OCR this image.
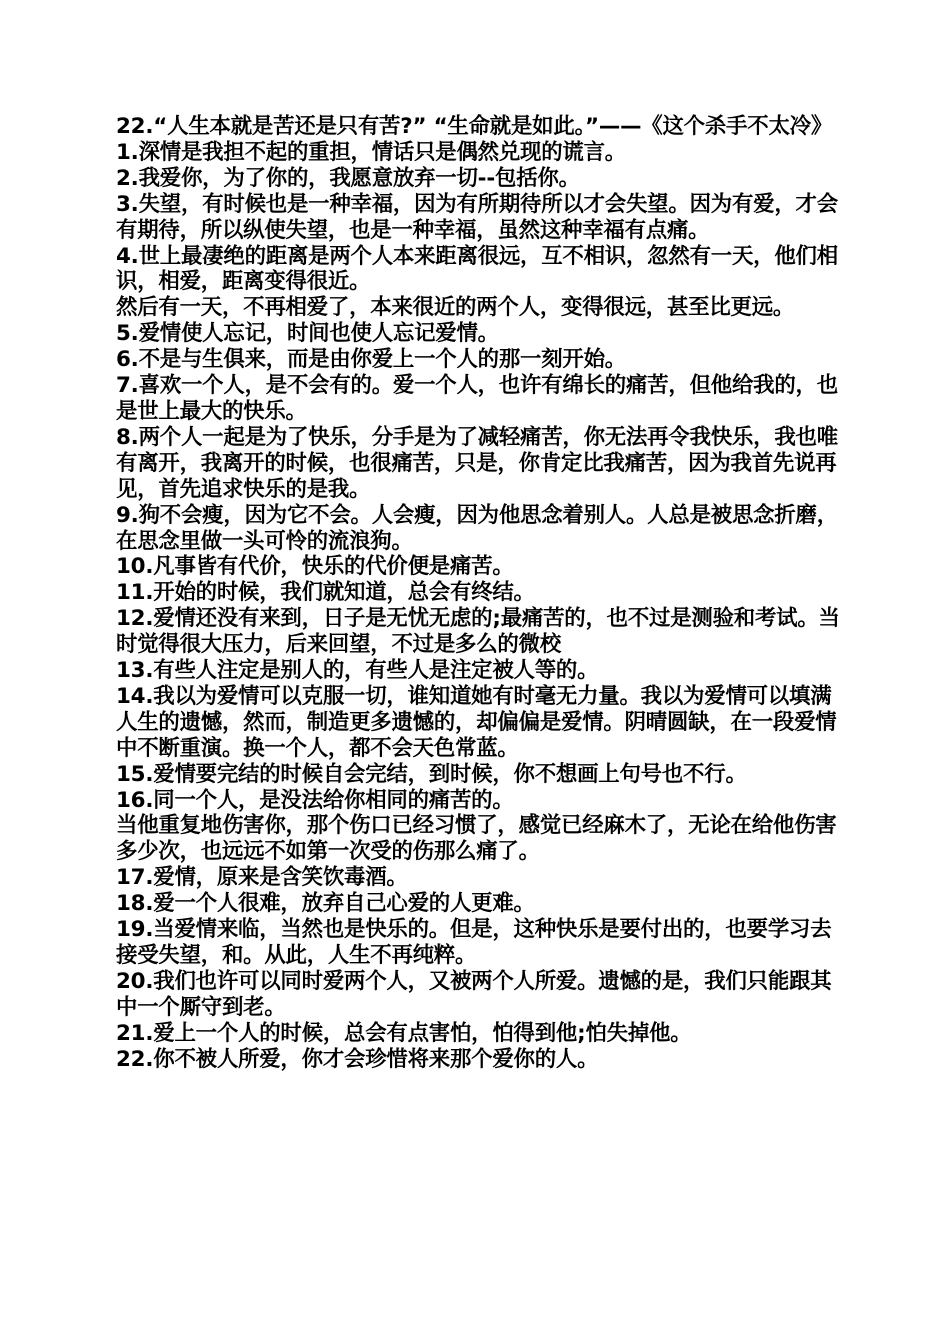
22.“人生本就是苦还是只有苦?” “生命就是如此。”——《这个杀手不太冷》

1.深情是我担不起的重担，情话只是偶然兑现的谎言。

2.我爱你，为了你的，我愿意放弃一切--包括你。

3.失望，有时候也是一种幸福，因为有所期待所以才会失望。因为有爱，才会有期待，所以纵使失望，也是一种幸福，虽然这种幸福有点痛。

4.世上最凄绝的距离是两个人本来距离很远，互不相识，忽然有一天，他们相识，相爱，距离变得很近。

然后有一天，不再相爱了，本来很近的两个人，变得很远，甚至比更远。

5.爱情使人忘记，时间也使人忘记爱情。

6.不是与生俱来，而是由你爱上一个人的那一刻开始。

7.喜欢一个人，是不会有的。爱一个人，也许有绵长的痛苦，但他给我的，也是世上最大的快乐。

8.两个人一起是为了快乐，分手是为了减轻痛苦，你无法再令我快乐，我也唯有离开，我离开的时候，也很痛苦，只是，你肯定比我痛苦，因为我首先说再见，首先追求快乐的是我。

9.狗不会瘦，因为它不会。人会瘦，因为他思念着别人。人总是被思念折磨，在思念里做一头可怜的流浪狗。

10.凡事皆有代价，快乐的代价便是痛苦。

11.开始的时候，我们就知道，总会有终结。

12.爱情还没有来到，日子是无忧无虑的;最痛苦的，也不过是测验和考试。当时觉得很大压力，后来回望，不过是多么的微校

13.有些人注定是别人的，有些人是注定被人等的。

14.我以为爱情可以克服一切，谁知道她有时毫无力量。我以为爱情可以填满人生的遗憾，然而，制造更多遗憾的，却偏偏是爱情。阴晴圆缺，在一段爱情中不断重演。换一个人，都不会天色常蓝。

15.爱情要完结的时候自会完结，到时候，你不想画上句号也不行。

16.同一个人，是没法给你相同的痛苦的。

当他重复地伤害你，那个伤口已经习惯了，感觉已经麻木了，无论在给他伤害多少次，也远远不如第一次受的伤那么痛了。

17.爱情，原来是含笑饮毒酒。

18.爱一个人很难，放弃自己心爱的人更难。

19.当爱情来临，当然也是快乐的。但是，这种快乐是要付出的，也要学习去接受失望，和。从此，人生不再纯粹。

20.我们也许可以同时爱两个人，又被两个人所爱。遗憾的是，我们只能跟其中一个厮守到老。

21.爱上一个人的时候，总会有点害怕，怕得到他;怕失掉他。

22.你不被人所爱，你才会珍惜将来那个爱你的人。
